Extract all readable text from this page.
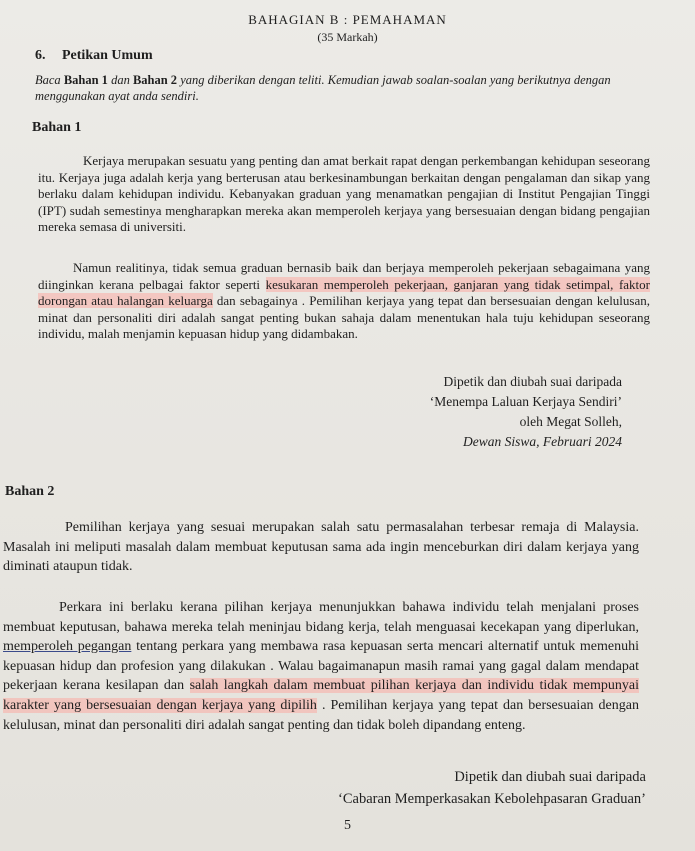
BAHAGIAN B : PEMAHAMAN
(35 Markah)
6. Petikan Umum
Baca Bahan 1 dan Bahan 2 yang diberikan dengan teliti. Kemudian jawab soalan-soalan yang berikutnya dengan menggunakan ayat anda sendiri.
Bahan 1
Kerjaya merupakan sesuatu yang penting dan amat berkait rapat dengan perkembangan kehidupan seseorang itu. Kerjaya juga adalah kerja yang berterusan atau berkesinambungan berkaitan dengan pengalaman dan sikap yang berlaku dalam kehidupan individu. Kebanyakan graduan yang menamatkan pengajian di Institut Pengajian Tinggi (IPT) sudah semestinya mengharapkan mereka akan memperoleh kerjaya yang bersesuaian dengan bidang pengajian mereka semasa di universiti.
Namun realitinya, tidak semua graduan bernasib baik dan berjaya memperoleh pekerjaan sebagaimana yang diinginkan kerana pelbagai faktor seperti kesukaran memperoleh pekerjaan, ganjaran yang tidak setimpal, faktor dorongan atau halangan keluarga dan sebagainya . Pemilihan kerjaya yang tepat dan bersesuaian dengan kelulusan, minat dan personaliti diri adalah sangat penting bukan sahaja dalam menentukan hala tuju kehidupan seseorang individu, malah menjamin kepuasan hidup yang didambakan.
Dipetik dan diubah suai daripada
‘Menempa Laluan Kerjaya Sendiri’
oleh Megat Solleh,
Dewan Siswa, Februari 2024
Bahan 2
Pemilihan kerjaya yang sesuai merupakan salah satu permasalahan terbesar remaja di Malaysia. Masalah ini meliputi masalah dalam membuat keputusan sama ada ingin menceburkan diri dalam kerjaya yang diminati ataupun tidak.
Perkara ini berlaku kerana pilihan kerjaya menunjukkan bahawa individu telah menjalani proses membuat keputusan, bahawa mereka telah meninjau bidang kerja, telah menguasai kecekapan yang diperlukan, memperoleh pegangan tentang perkara yang membawa rasa kepuasan serta mencari alternatif untuk memenuhi kepuasan hidup dan profesion yang dilakukan . Walau bagaimanapun masih ramai yang gagal dalam mendapat pekerjaan kerana kesilapan dan salah langkah dalam membuat pilihan kerjaya dan individu tidak mempunyai karakter yang bersesuaian dengan kerjaya yang dipilih . Pemilihan kerjaya yang tepat dan bersesuaian dengan kelulusan, minat dan personaliti diri adalah sangat penting dan tidak boleh dipandang enteng.
Dipetik dan diubah suai daripada
‘Cabaran Memperkasakan Kebolehpasaran Graduan’
5
